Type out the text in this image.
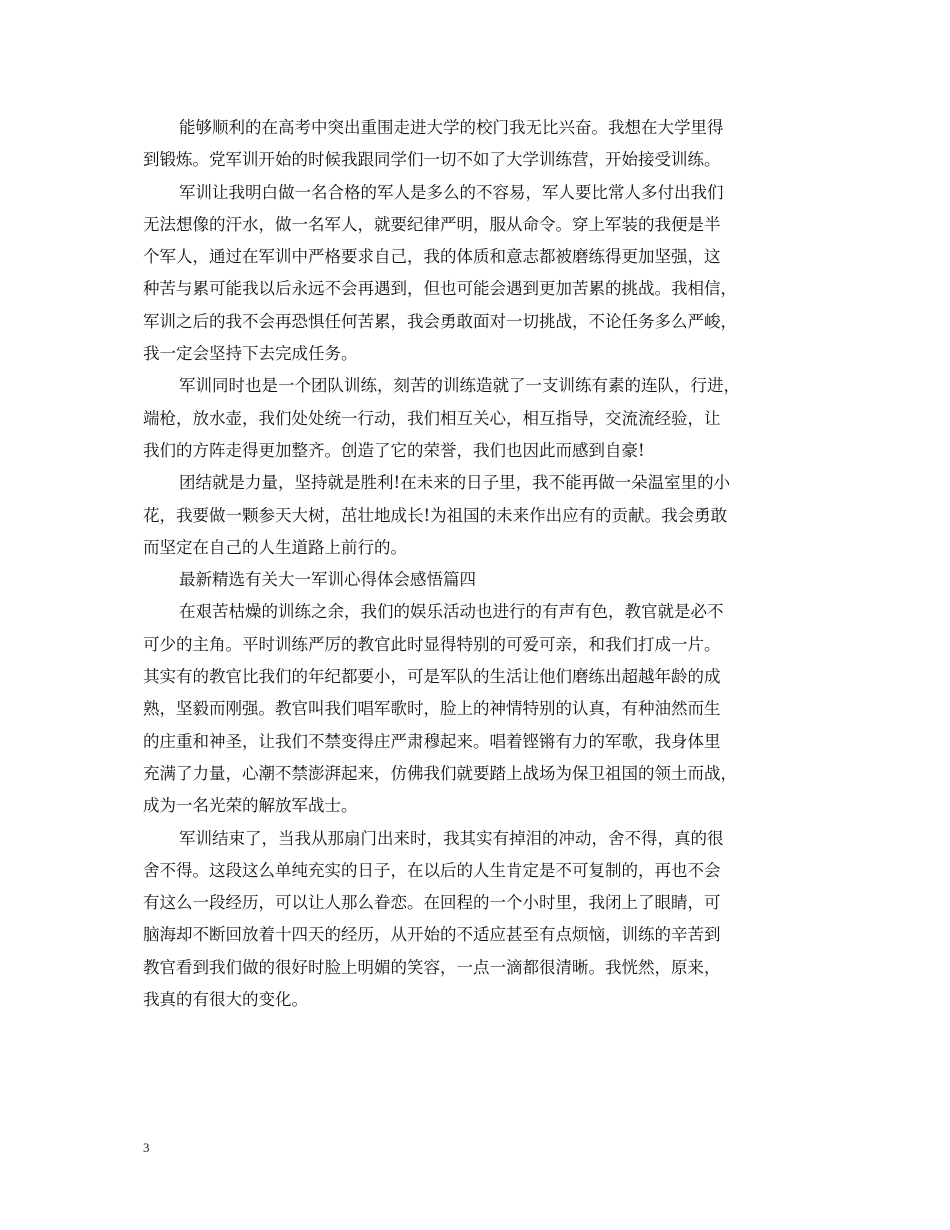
能够顺利的在高考中突出重围走进大学的校门我无比兴奋。我想在大学里得
到锻炼。党军训开始的时候我跟同学们一切不如了大学训练营，开始接受训练。
军训让我明白做一名合格的军人是多么的不容易，军人要比常人多付出我们
无法想像的汗水，做一名军人，就要纪律严明，服从命令。穿上军装的我便是半
个军人，通过在军训中严格要求自己，我的体质和意志都被磨练得更加坚强，这
种苦与累可能我以后永远不会再遇到，但也可能会遇到更加苦累的挑战。我相信，
军训之后的我不会再恐惧任何苦累，我会勇敢面对一切挑战，不论任务多么严峻，
我一定会坚持下去完成任务。
军训同时也是一个团队训练，刻苦的训练造就了一支训练有素的连队，行进，
端枪，放水壶，我们处处统一行动，我们相互关心，相互指导，交流流经验，让
我们的方阵走得更加整齐。创造了它的荣誉，我们也因此而感到自豪!
团结就是力量，坚持就是胜利!在未来的日子里，我不能再做一朵温室里的小
花，我要做一颗参天大树，茁壮地成长!为祖国的未来作出应有的贡献。我会勇敢
而坚定在自己的人生道路上前行的。
最新精选有关大一军训心得体会感悟篇四
在艰苦枯燥的训练之余，我们的娱乐活动也进行的有声有色，教官就是必不
可少的主角。平时训练严厉的教官此时显得特别的可爱可亲，和我们打成一片。
其实有的教官比我们的年纪都要小，可是军队的生活让他们磨练出超越年龄的成
熟，坚毅而刚强。教官叫我们唱军歌时，脸上的神情特别的认真，有种油然而生
的庄重和神圣，让我们不禁变得庄严肃穆起来。唱着铿锵有力的军歌，我身体里
充满了力量，心潮不禁澎湃起来，仿佛我们就要踏上战场为保卫祖国的领土而战，
成为一名光荣的解放军战士。
军训结束了，当我从那扇门出来时，我其实有掉泪的冲动，舍不得，真的很
舍不得。这段这么单纯充实的日子，在以后的人生肯定是不可复制的，再也不会
有这么一段经历，可以让人那么眷恋。在回程的一个小时里，我闭上了眼睛，可
脑海却不断回放着十四天的经历，从开始的不适应甚至有点烦恼，训练的辛苦到
教官看到我们做的很好时脸上明媚的笑容，一点一滴都很清晰。我恍然，原来，
我真的有很大的变化。
3
